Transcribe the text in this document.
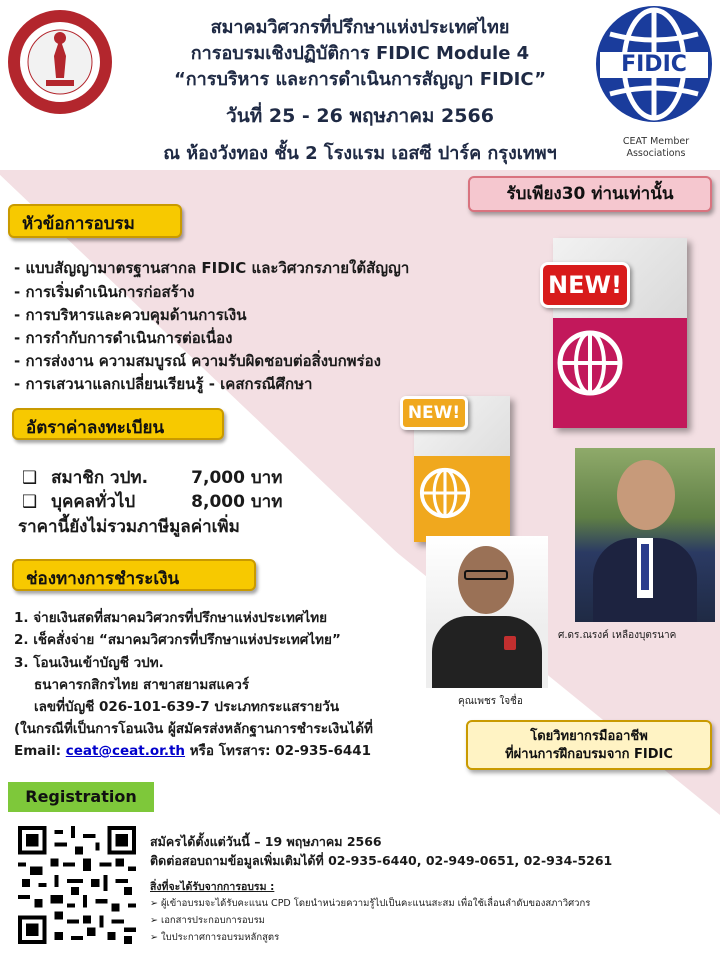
สมาคมวิศวกรที่ปรึกษาแห่งประเทศไทย
การอบรมเชิงปฏิบัติการ FIDIC Module 4
“การบริหาร และการดำเนินการสัญญา FIDIC”
วันที่ 25 - 26 พฤษภาคม 2566
ณ ห้องวังทอง ชั้น 2 โรงแรม เอสซี ปาร์ค กรุงเทพฯ
FIDIC
CEAT Member
Associations
รับเพียง30 ท่านเท่านั้น
หัวข้อการอบรม
- แบบสัญญามาตรฐานสากล FIDIC และวิศวกรภายใต้สัญญา
- การเริ่มดำเนินการก่อสร้าง
- การบริหารและควบคุมด้านการเงิน
- การกำกับการดำเนินการต่อเนื่อง
- การส่งงาน ความสมบูรณ์ ความรับผิดชอบต่อสิ่งบกพร่อง
- การเสวนาแลกเปลี่ยนเรียนรู้ - เคสกรณีศึกษา
NEW!
NEW!
อัตราค่าลงทะเบียน
❑ สมาชิก วปท.	7,000 บาท
❑ บุคคลทั่วไป	8,000 บาท
ราคานี้ยังไม่รวมภาษีมูลค่าเพิ่ม
ศ.ดร.ณรงค์ เหลืองบุตรนาค
คุณเพชร ใจชื่อ
ช่องทางการชำระเงิน
1. จ่ายเงินสดที่สมาคมวิศวกรที่ปรึกษาแห่งประเทศไทย
2. เช็คสั่งจ่าย “สมาคมวิศวกรที่ปรึกษาแห่งประเทศไทย”
3. โอนเงินเข้าบัญชี วปท.
ธนาคารกสิกรไทย สาขาสยามสแควร์
เลขที่บัญชี 026-101-639-7 ประเภทกระแสรายวัน
(ในกรณีที่เป็นการโอนเงิน ผู้สมัครส่งหลักฐานการชำระเงินได้ที่
Email: ceat@ceat.or.th หรือ โทรสาร: 02-935-6441
โดยวิทยากรมืออาชีพ
ที่ผ่านการฝึกอบรมจาก FIDIC
Registration
สมัครได้ตั้งแต่วันนี้ – 19 พฤษภาคม 2566
ติดต่อสอบถามข้อมูลเพิ่มเติมได้ที่ 02-935-6440, 02-949-0651, 02-934-5261
สิ่งที่จะได้รับจากการอบรม :
➢ ผู้เข้าอบรมจะได้รับคะแนน CPD โดยนำหน่วยความรู้ไปเป็นคะแนนสะสม เพื่อใช้เลื่อนลำดับของสภาวิศวกร
➢ เอกสารประกอบการอบรม
➢ ใบประกาศการอบรมหลักสูตร
